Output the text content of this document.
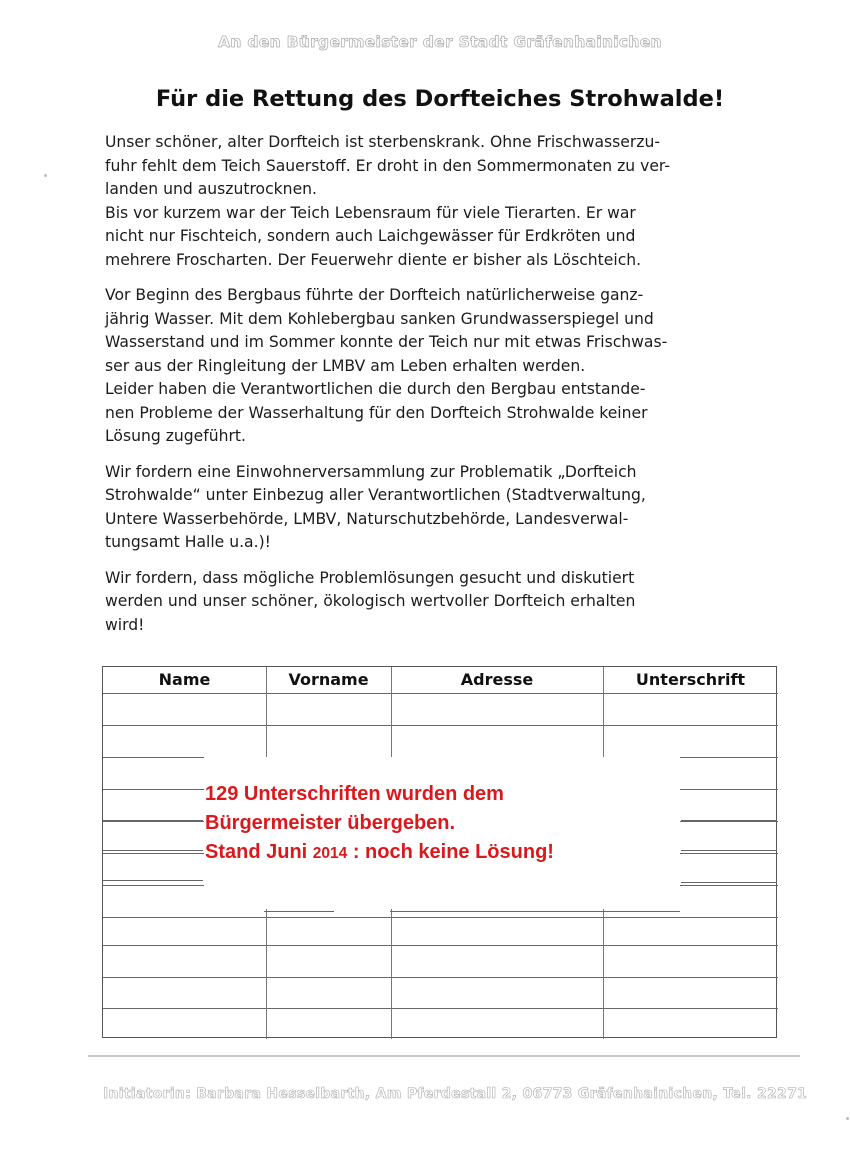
An den Bürgermeister der Stadt Gräfenhainichen
Für die Rettung des Dorfteiches Strohwalde!

Unser schöner, alter Dorfteich ist sterbenskrank. Ohne Frischwasserzu-
fuhr fehlt dem Teich Sauerstoff. Er droht in den Sommermonaten zu ver-
landen und auszutrocknen.
Bis vor kurzem war der Teich Lebensraum für viele Tierarten. Er war
nicht nur Fischteich, sondern auch Laichgewässer für Erdkröten und
mehrere Froscharten. Der Feuerwehr diente er bisher als Löschteich.

Vor Beginn des Bergbaus führte der Dorfteich natürlicherweise ganz-
jährig Wasser. Mit dem Kohlebergbau sanken Grundwasserspiegel und
Wasserstand und im Sommer konnte der Teich nur mit etwas Frischwas-
ser aus der Ringleitung der LMBV am Leben erhalten werden.
Leider haben die Verantwortlichen die durch den Bergbau entstande-
nen Probleme der Wasserhaltung für den Dorfteich Strohwalde keiner
Lösung zugeführt.

Wir fordern eine Einwohnerversammlung zur Problematik „Dorfteich
Strohwalde“ unter Einbezug aller Verantwortlichen (Stadtverwaltung,
Untere Wasserbehörde, LMBV, Naturschutzbehörde, Landesverwal-
tungsamt Halle u.a.)!

Wir fordern, dass mögliche Problemlösungen gesucht und diskutiert
werden und unser schöner, ökologisch wertvoller Dorfteich erhalten
wird!

Name	Vorname	Adresse	Unterschrift
129 Unterschriften wurden dem
Bürgermeister übergeben.
Stand Juni 2014 : noch keine Lösung!
Initiatorin: Barbara Hesselbarth, Am Pferdestall 2, 06773 Gräfenhainichen, Tel. 22271
